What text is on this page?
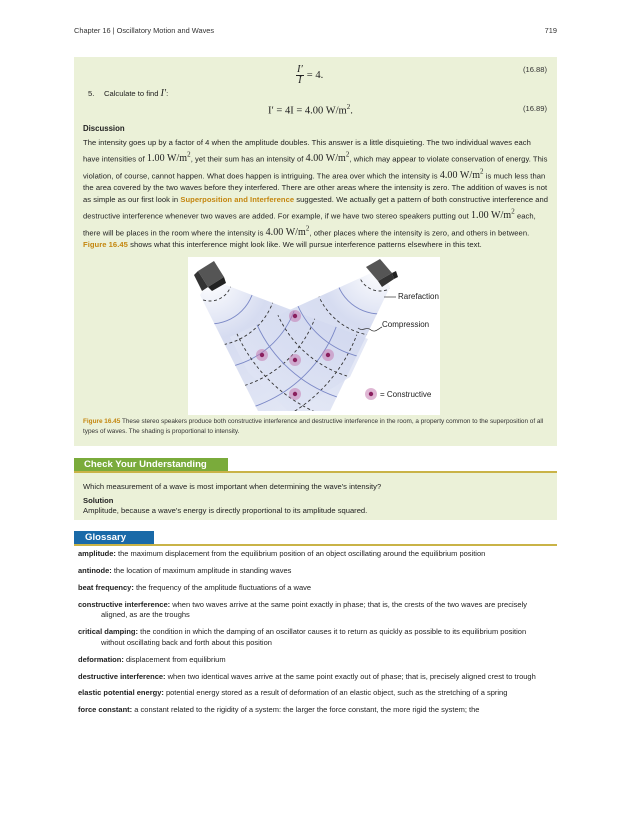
Chapter 16 | Oscillatory Motion and Waves	719
$\frac{I'}{I} = 4$.
(16.88)
5. Calculate to find I′:
I′ = 4I = 4.00 $W/m^2$.	(16.89)
Discussion
The intensity goes up by a factor of 4 when the amplitude doubles. This answer is a little disquieting. The two individual waves each have intensities of 1.00 $W/m^2$, yet their sum has an intensity of 4.00 $W/m^2$, which may appear to violate conservation of energy. This violation, of course, cannot happen. What does happen is intriguing. The area over which the intensity is 4.00 $W/m^2$ is much less than the area covered by the two waves before they interfered. There are other areas where the intensity is zero. The addition of waves is not as simple as our first look in Superposition and Interference suggested. We actually get a pattern of both constructive interference and destructive interference whenever two waves are added. For example, if we have two stereo speakers putting out 1.00 $W/m^2$ each, there will be places in the room where the intensity is 4.00 $W/m^2$, other places where the intensity is zero, and others in between. Figure 16.45 shows what this interference might look like. We will pursue interference patterns elsewhere in this text.
Rarefaction
Compression
= Constructive
Figure 16.45 These stereo speakers produce both constructive interference and destructive interference in the room, a property common to the superposition of all types of waves. The shading is proportional to intensity.
Check Your Understanding
Which measurement of a wave is most important when determining the wave's intensity?
Solution
Amplitude, because a wave's energy is directly proportional to its amplitude squared.
Glossary
amplitude: the maximum displacement from the equilibrium position of an object oscillating around the equilibrium position
antinode: the location of maximum amplitude in standing waves
beat frequency: the frequency of the amplitude fluctuations of a wave
constructive interference: when two waves arrive at the same point exactly in phase; that is, the crests of the two waves are precisely aligned, as are the troughs
critical damping: the condition in which the damping of an oscillator causes it to return as quickly as possible to its equilibrium position without oscillating back and forth about this position
deformation: displacement from equilibrium
destructive interference: when two identical waves arrive at the same point exactly out of phase; that is, precisely aligned crest to trough
elastic potential energy: potential energy stored as a result of deformation of an elastic object, such as the stretching of a spring
force constant: a constant related to the rigidity of a system: the larger the force constant, the more rigid the system; the
